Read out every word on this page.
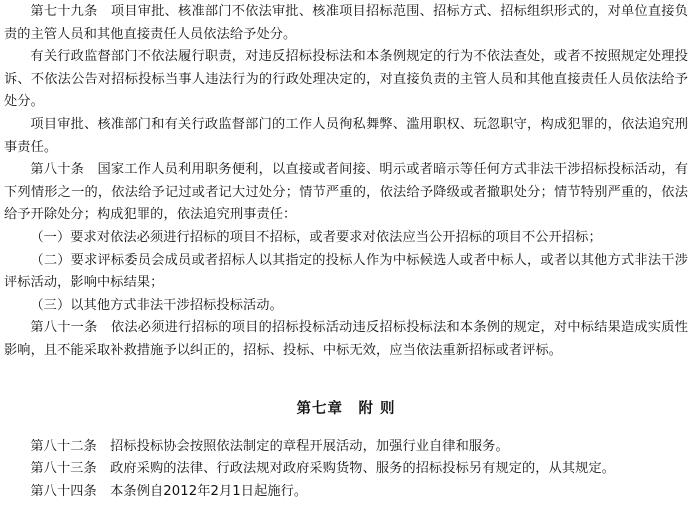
第七十九条　项目审批、核准部门不依法审批、核准项目招标范围、招标方式、招标组织形式的，对单位直接负责的主管人员和其他直接责任人员依法给予处分。

有关行政监督部门不依法履行职责，对违反招标投标法和本条例规定的行为不依法查处，或者不按照规定处理投诉、不依法公告对招标投标当事人违法行为的行政处理决定的，对直接负责的主管人员和其他直接责任人员依法给予处分。

项目审批、核准部门和有关行政监督部门的工作人员徇私舞弊、滥用职权、玩忽职守，构成犯罪的，依法追究刑事责任。

第八十条　国家工作人员利用职务便利，以直接或者间接、明示或者暗示等任何方式非法干涉招标投标活动，有下列情形之一的，依法给予记过或者记大过处分；情节严重的，依法给予降级或者撤职处分；情节特别严重的，依法给予开除处分；构成犯罪的，依法追究刑事责任：

（一）要求对依法必须进行招标的项目不招标，或者要求对依法应当公开招标的项目不公开招标；

（二）要求评标委员会成员或者招标人以其指定的投标人作为中标候选人或者中标人，或者以其他方式非法干涉评标活动，影响中标结果；

（三）以其他方式非法干涉招标投标活动。

第八十一条　依法必须进行招标的项目的招标投标活动违反招标投标法和本条例的规定，对中标结果造成实质性影响，且不能采取补救措施予以纠正的，招标、投标、中标无效，应当依法重新招标或者评标。

第七章　附 则

第八十二条　招标投标协会按照依法制定的章程开展活动，加强行业自律和服务。

第八十三条　政府采购的法律、行政法规对政府采购货物、服务的招标投标另有规定的，从其规定。

第八十四条　本条例自2012年2月1日起施行。
